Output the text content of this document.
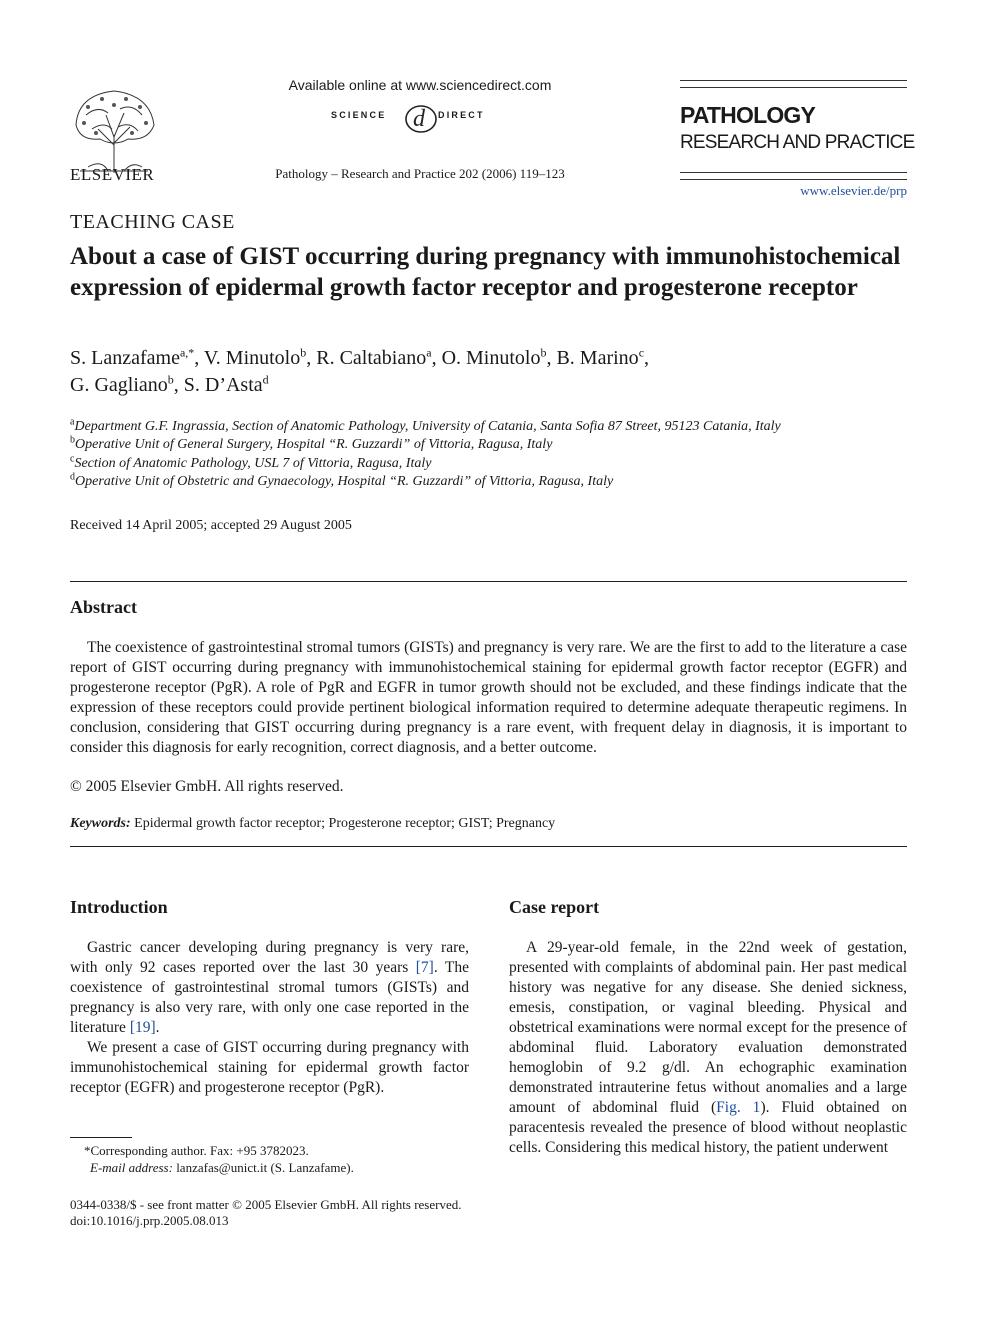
ELSEVIER
Available online at www.sciencedirect.com
SCIENCE d DIRECT
Pathology – Research and Practice 202 (2006) 119–123
PATHOLOGY
RESEARCH AND PRACTICE
www.elsevier.de/prp
TEACHING CASE
About a case of GIST occurring during pregnancy with immunohistochemical expression of epidermal growth factor receptor and progesterone receptor
S. Lanzafame$^{a,*}$, V. Minutolo$^b$, R. Caltabiano$^a$, O. Minutolo$^b$, B. Marino$^c$,
G. Gagliano$^b$, S. D’Asta$^d$
$^a$Department G.F. Ingrassia, Section of Anatomic Pathology, University of Catania, Santa Sofia 87 Street, 95123 Catania, Italy
$^b$Operative Unit of General Surgery, Hospital “R. Guzzardi” of Vittoria, Ragusa, Italy
$^c$Section of Anatomic Pathology, USL 7 of Vittoria, Ragusa, Italy
$^d$Operative Unit of Obstetric and Gynaecology, Hospital “R. Guzzardi” of Vittoria, Ragusa, Italy
Received 14 April 2005; accepted 29 August 2005
Abstract
The coexistence of gastrointestinal stromal tumors (GISTs) and pregnancy is very rare. We are the first to add to the literature a case report of GIST occurring during pregnancy with immunohistochemical staining for epidermal growth factor receptor (EGFR) and progesterone receptor (PgR). A role of PgR and EGFR in tumor growth should not be excluded, and these findings indicate that the expression of these receptors could provide pertinent biological information required to determine adequate therapeutic regimens. In conclusion, considering that GIST occurring during pregnancy is a rare event, with frequent delay in diagnosis, it is important to consider this diagnosis for early recognition, correct diagnosis, and a better outcome.
© 2005 Elsevier GmbH. All rights reserved.
Keywords: Epidermal growth factor receptor; Progesterone receptor; GIST; Pregnancy
Introduction

Gastric cancer developing during pregnancy is very rare, with only 92 cases reported over the last 30 years [7]. The coexistence of gastrointestinal stromal tumors (GISTs) and pregnancy is also very rare, with only one case reported in the literature [19].

We present a case of GIST occurring during pregnancy with immunohistochemical staining for epidermal growth factor receptor (EGFR) and progesterone receptor (PgR).

Case report

A 29-year-old female, in the 22nd week of gestation, presented with complaints of abdominal pain. Her past medical history was negative for any disease. She denied sickness, emesis, constipation, or vaginal bleeding. Physical and obstetrical examinations were normal except for the presence of abdominal fluid. Laboratory evaluation demonstrated hemoglobin of 9.2 g/dl. An echographic examination demonstrated intrauterine fetus without anomalies and a large amount of abdominal fluid (Fig. 1). Fluid obtained on paracentesis revealed the presence of blood without neoplastic cells. Considering this medical history, the patient underwent

*Corresponding author. Fax: +95 3782023.
E-mail address: lanzafas@unict.it (S. Lanzafame).
0344-0338/$ - see front matter © 2005 Elsevier GmbH. All rights reserved.
doi:10.1016/j.prp.2005.08.013
